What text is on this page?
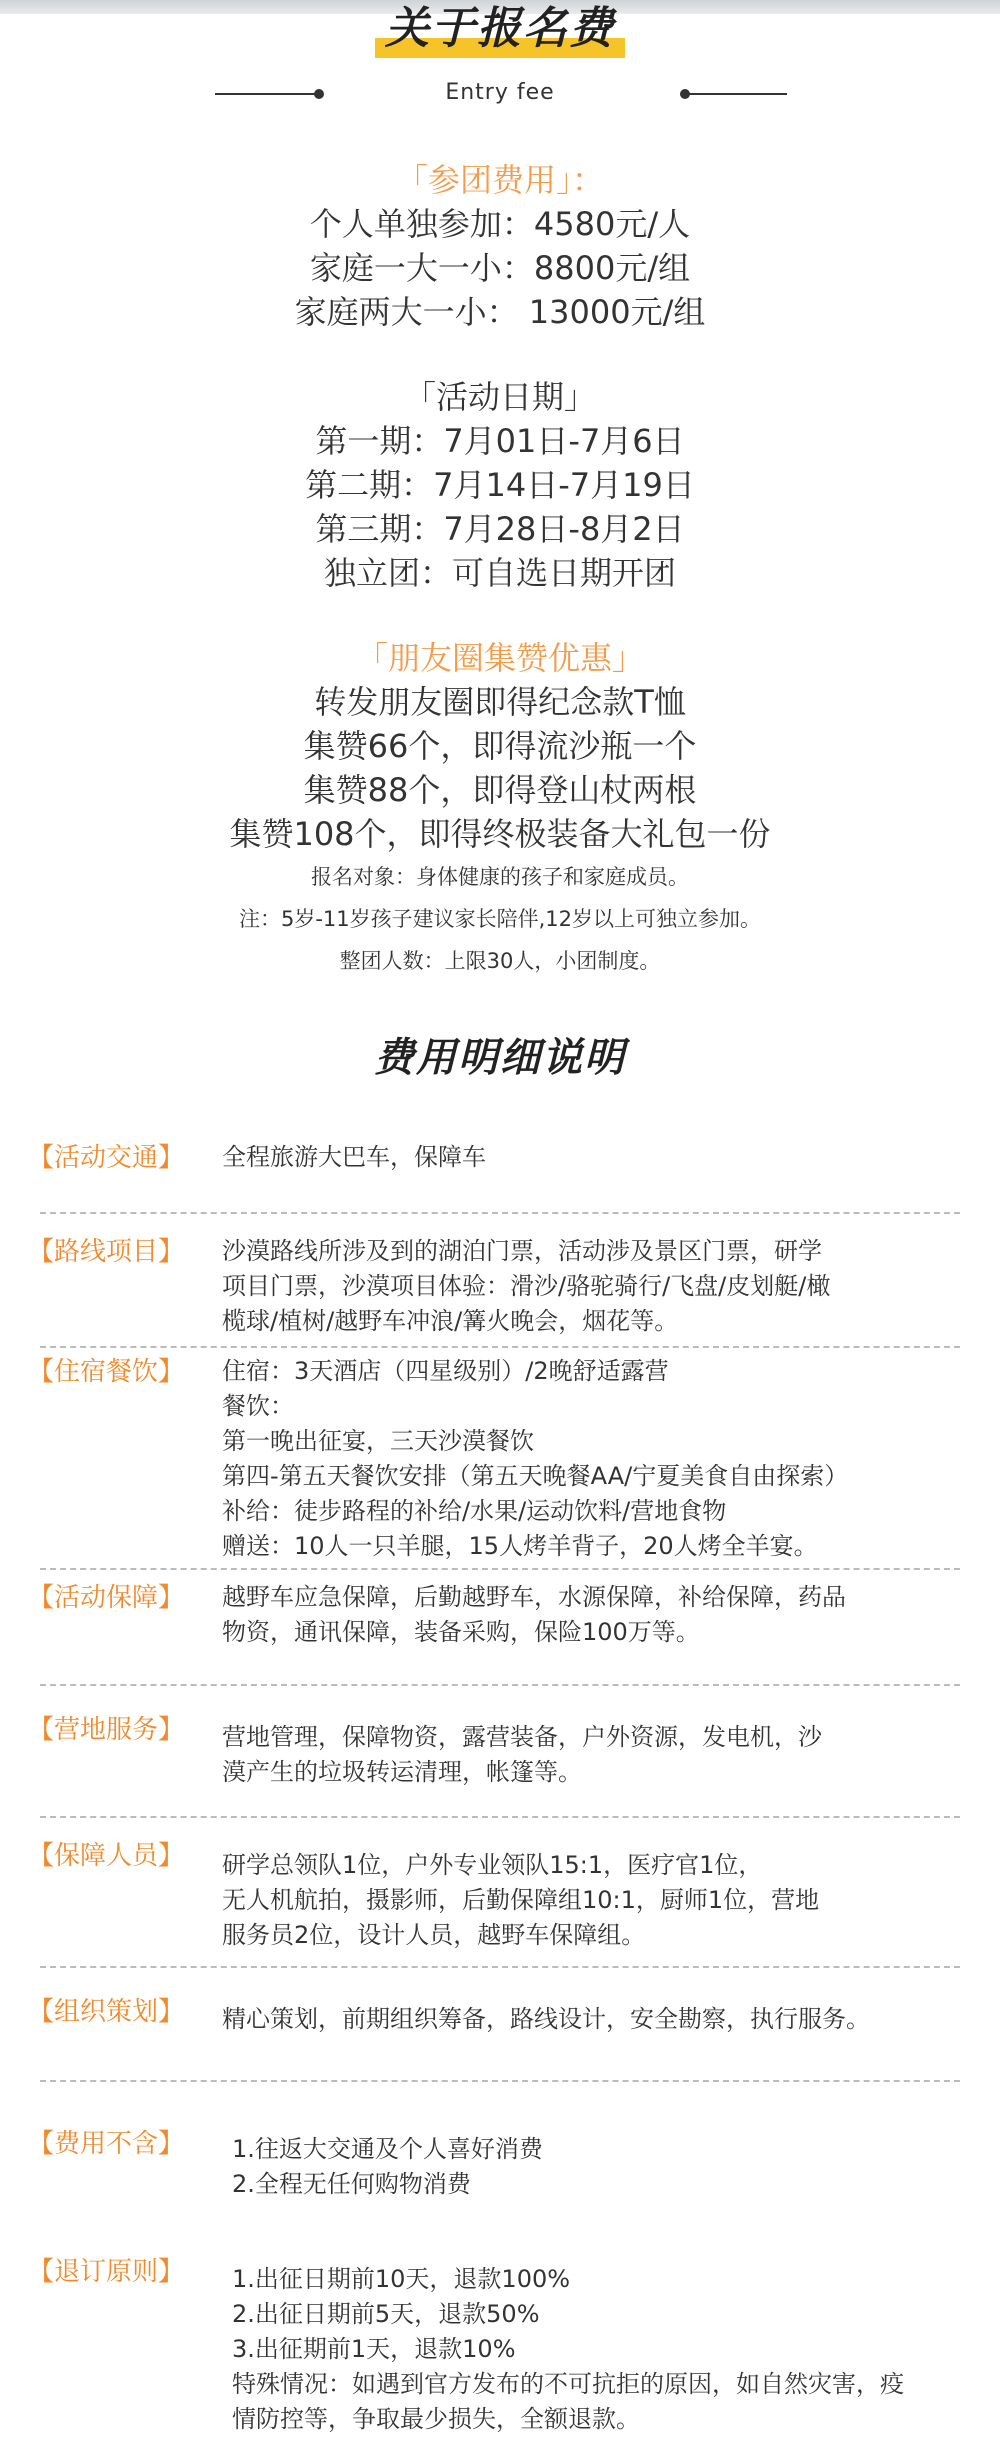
关于报名费
Entry fee
「参团费用」：
个人单独参加：4580元/人
家庭一大一小：8800元/组
家庭两大一小： 13000元/组
「活动日期」
第一期：7月01日-7月6日
第二期：7月14日-7月19日
第三期：7月28日-8月2日
独立团：可自选日期开团
「朋友圈集赞优惠」
转发朋友圈即得纪念款T恤
集赞66个，即得流沙瓶一个
集赞88个，即得登山杖两根
集赞108个，即得终极装备大礼包一份
报名对象：身体健康的孩子和家庭成员。
注：5岁-11岁孩子建议家长陪伴,12岁以上可独立参加。
整团人数：上限30人，小团制度。
费用明细说明
【活动交通】 全程旅游大巴车，保障车
【路线项目】 沙漠路线所涉及到的湖泊门票，活动涉及景区门票，研学
项目门票，沙漠项目体验：滑沙/骆驼骑行/飞盘/皮划艇/橄
榄球/植树/越野车冲浪/篝火晚会，烟花等。
【住宿餐饮】 住宿：3天酒店（四星级别）/2晚舒适露营
餐饮：
第一晚出征宴，三天沙漠餐饮
第四-第五天餐饮安排（第五天晚餐AA/宁夏美食自由探索）
补给：徒步路程的补给/水果/运动饮料/营地食物
赠送：10人一只羊腿，15人烤羊背子，20人烤全羊宴。
【活动保障】 越野车应急保障，后勤越野车，水源保障，补给保障，药品
物资，通讯保障，装备采购，保险100万等。
【营地服务】 营地管理，保障物资，露营装备，户外资源，发电机，沙
漠产生的垃圾转运清理，帐篷等。
【保障人员】 研学总领队1位，户外专业领队15:1，医疗官1位，
无人机航拍，摄影师，后勤保障组10:1，厨师1位，营地
服务员2位，设计人员，越野车保障组。
【组织策划】 精心策划，前期组织筹备，路线设计，安全勘察，执行服务。
【费用不含】 1.往返大交通及个人喜好消费
2.全程无任何购物消费
【退订原则】 1.出征日期前10天，退款100%
2.出征日期前5天，退款50%
3.出征期前1天，退款10%
特殊情况：如遇到官方发布的不可抗拒的原因，如自然灾害，疫
情防控等，争取最少损失，全额退款。
